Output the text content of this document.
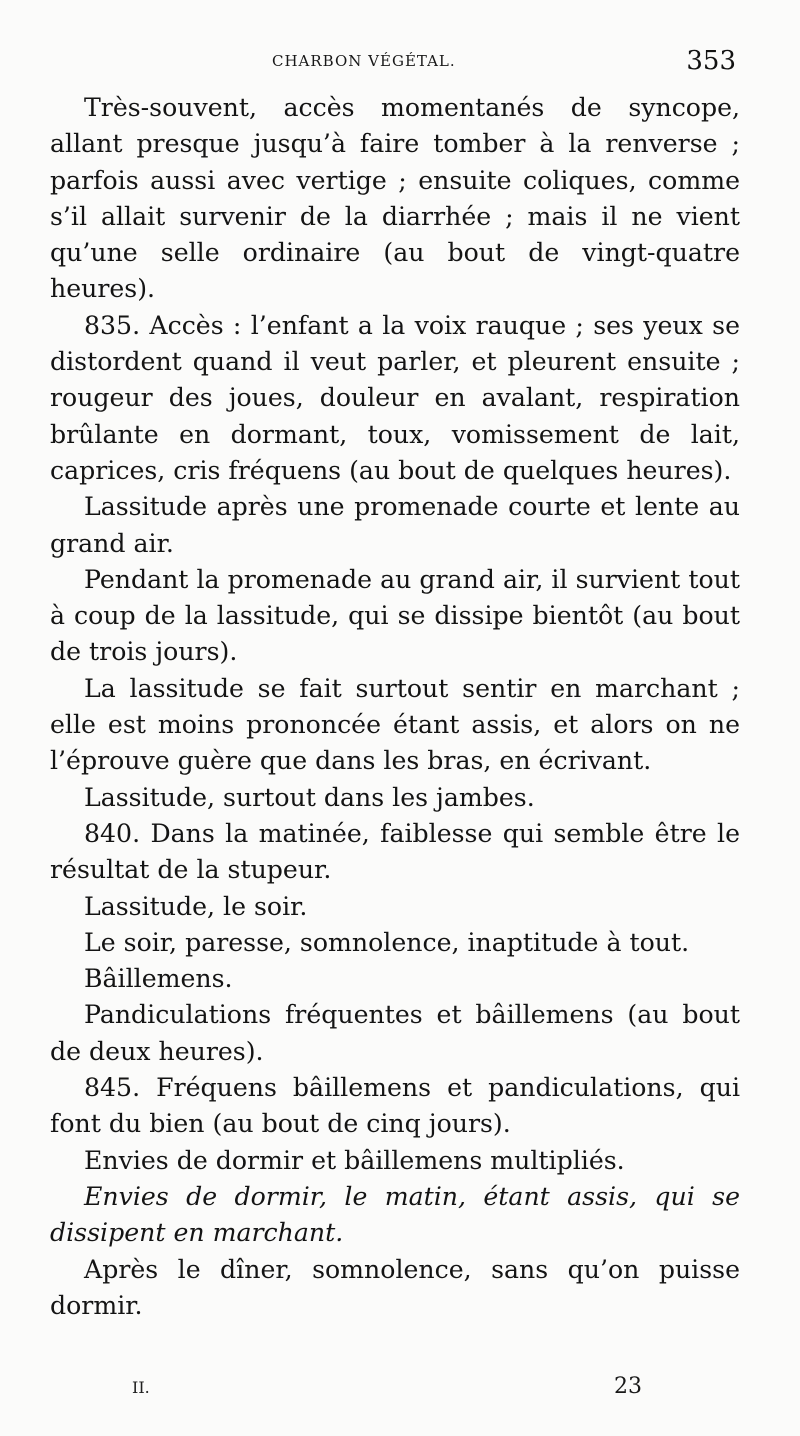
CHARBON VÉGÉTAL.	353

Très-souvent, accès momentanés de syncope, allant presque jusqu’à faire tomber à la renverse ; parfois aussi avec vertige ; ensuite coliques, comme s’il allait survenir de la diarrhée ; mais il ne vient qu’une selle ordinaire (au bout de vingt-quatre heures).

835. Accès : l’enfant a la voix rauque ; ses yeux se distordent quand il veut parler, et pleurent ensuite ; rougeur des joues, douleur en avalant, respiration brûlante en dormant, toux, vomissement de lait, caprices, cris fréquens (au bout de quelques heures).

Lassitude après une promenade courte et lente au grand air.

Pendant la promenade au grand air, il survient tout à coup de la lassitude, qui se dissipe bientôt (au bout de trois jours).

La lassitude se fait surtout sentir en marchant ; elle est moins prononcée étant assis, et alors on ne l’éprouve guère que dans les bras, en écrivant.

Lassitude, surtout dans les jambes.

840. Dans la matinée, faiblesse qui semble être le résultat de la stupeur.

Lassitude, le soir.

Le soir, paresse, somnolence, inaptitude à tout.

Bâillemens.

Pandiculations fréquentes et bâillemens (au bout de deux heures).

845. Fréquens bâillemens et pandiculations, qui font du bien (au bout de cinq jours).

Envies de dormir et bâillemens multipliés.

Envies de dormir, le matin, étant assis, qui se dissipent en marchant.

Après le dîner, somnolence, sans qu’on puisse dormir.

II.	23
